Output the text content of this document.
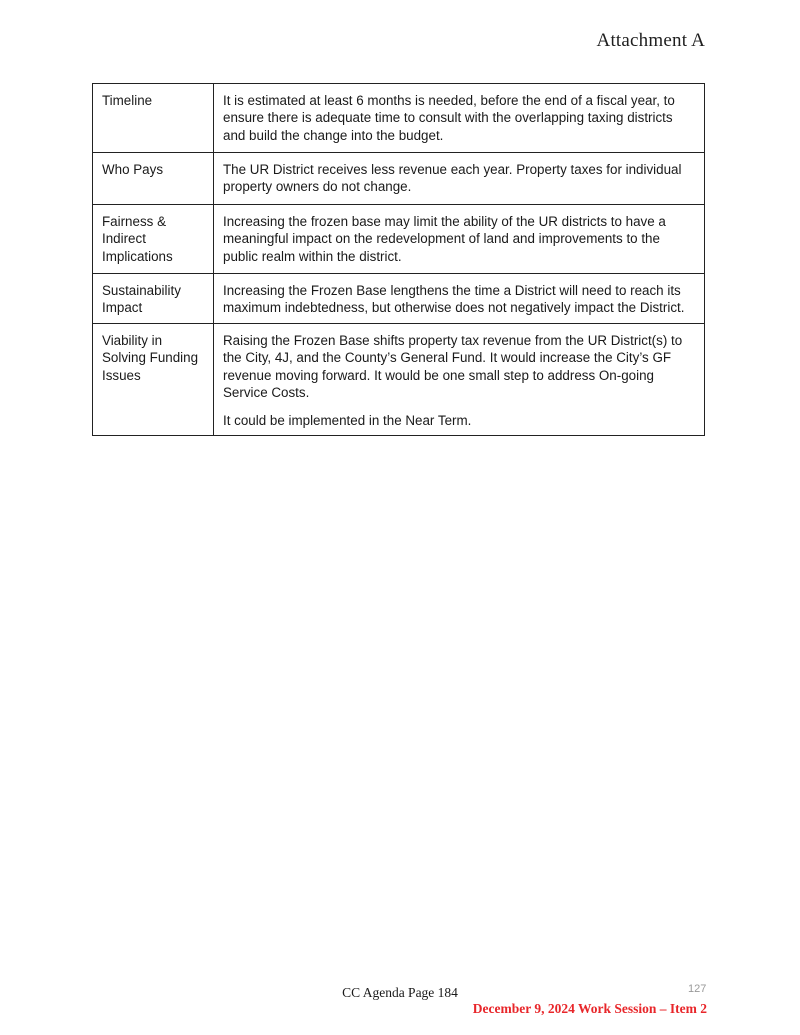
Attachment A
Timeline	It is estimated at least 6 months is needed, before the end of a fiscal year, to ensure there is adequate time to consult with the overlapping taxing districts and build the change into the budget.
Who Pays	The UR District receives less revenue each year. Property taxes for individual property owners do not change.
Fairness & Indirect Implications	Increasing the frozen base may limit the ability of the UR districts to have a meaningful impact on the redevelopment of land and improvements to the public realm within the district.
Sustainability Impact	Increasing the Frozen Base lengthens the time a District will need to reach its maximum indebtedness, but otherwise does not negatively impact the District.
Viability in Solving Funding Issues	Raising the Frozen Base shifts property tax revenue from the UR District(s) to the City, 4J, and the County’s General Fund. It would increase the City’s GF revenue moving forward. It would be one small step to address On-going Service Costs.

It could be implemented in the Near Term.

CC Agenda Page 184	127
December 9, 2024 Work Session – Item 2
